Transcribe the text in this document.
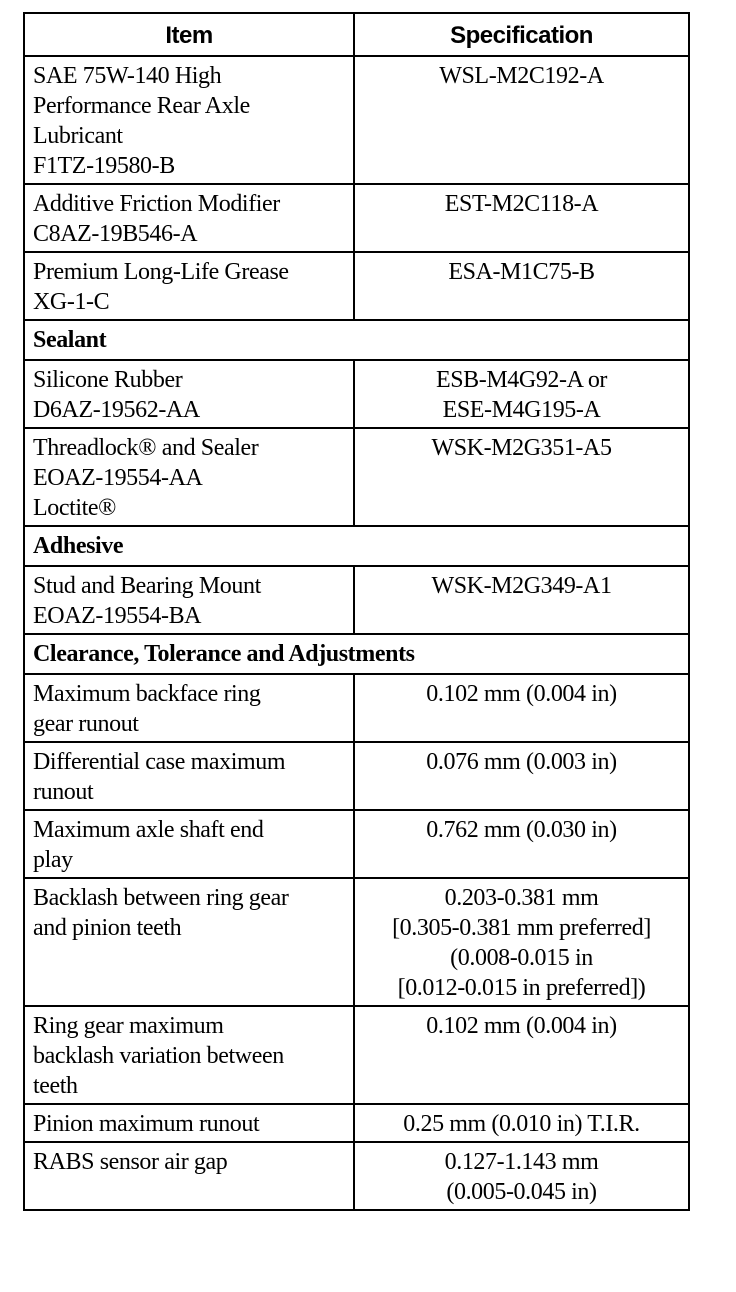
Item	Specification

SAE 75W-140 High
Performance Rear Axle
Lubricant
F1TZ-19580-B	WSL-M2C192-A

Additive Friction Modifier
C8AZ-19B546-A	EST-M2C118-A

Premium Long-Life Grease
XG-1-C	ESA-M1C75-B

Sealant	

Silicone Rubber
D6AZ-19562-AA	ESB-M4G92-A or
ESE-M4G195-A

Threadlock® and Sealer
EOAZ-19554-AA
Loctite®	WSK-M2G351-A5

Adhesive	

Stud and Bearing Mount
EOAZ-19554-BA	WSK-M2G349-A1

Clearance, Tolerance and Adjustments	

Maximum backface ring
gear runout	0.102 mm (0.004 in)

Differential case maximum
runout	0.076 mm (0.003 in)

Maximum axle shaft end
play	0.762 mm (0.030 in)

Backlash between ring gear
and pinion teeth	0.203-0.381 mm
[0.305-0.381 mm preferred]
(0.008-0.015 in
[0.012-0.015 in preferred])

Ring gear maximum
backlash variation between
teeth	0.102 mm (0.004 in)

Pinion maximum runout	0.25 mm (0.010 in) T.I.R.

RABS sensor air gap	0.127-1.143 mm
(0.005-0.045 in)
